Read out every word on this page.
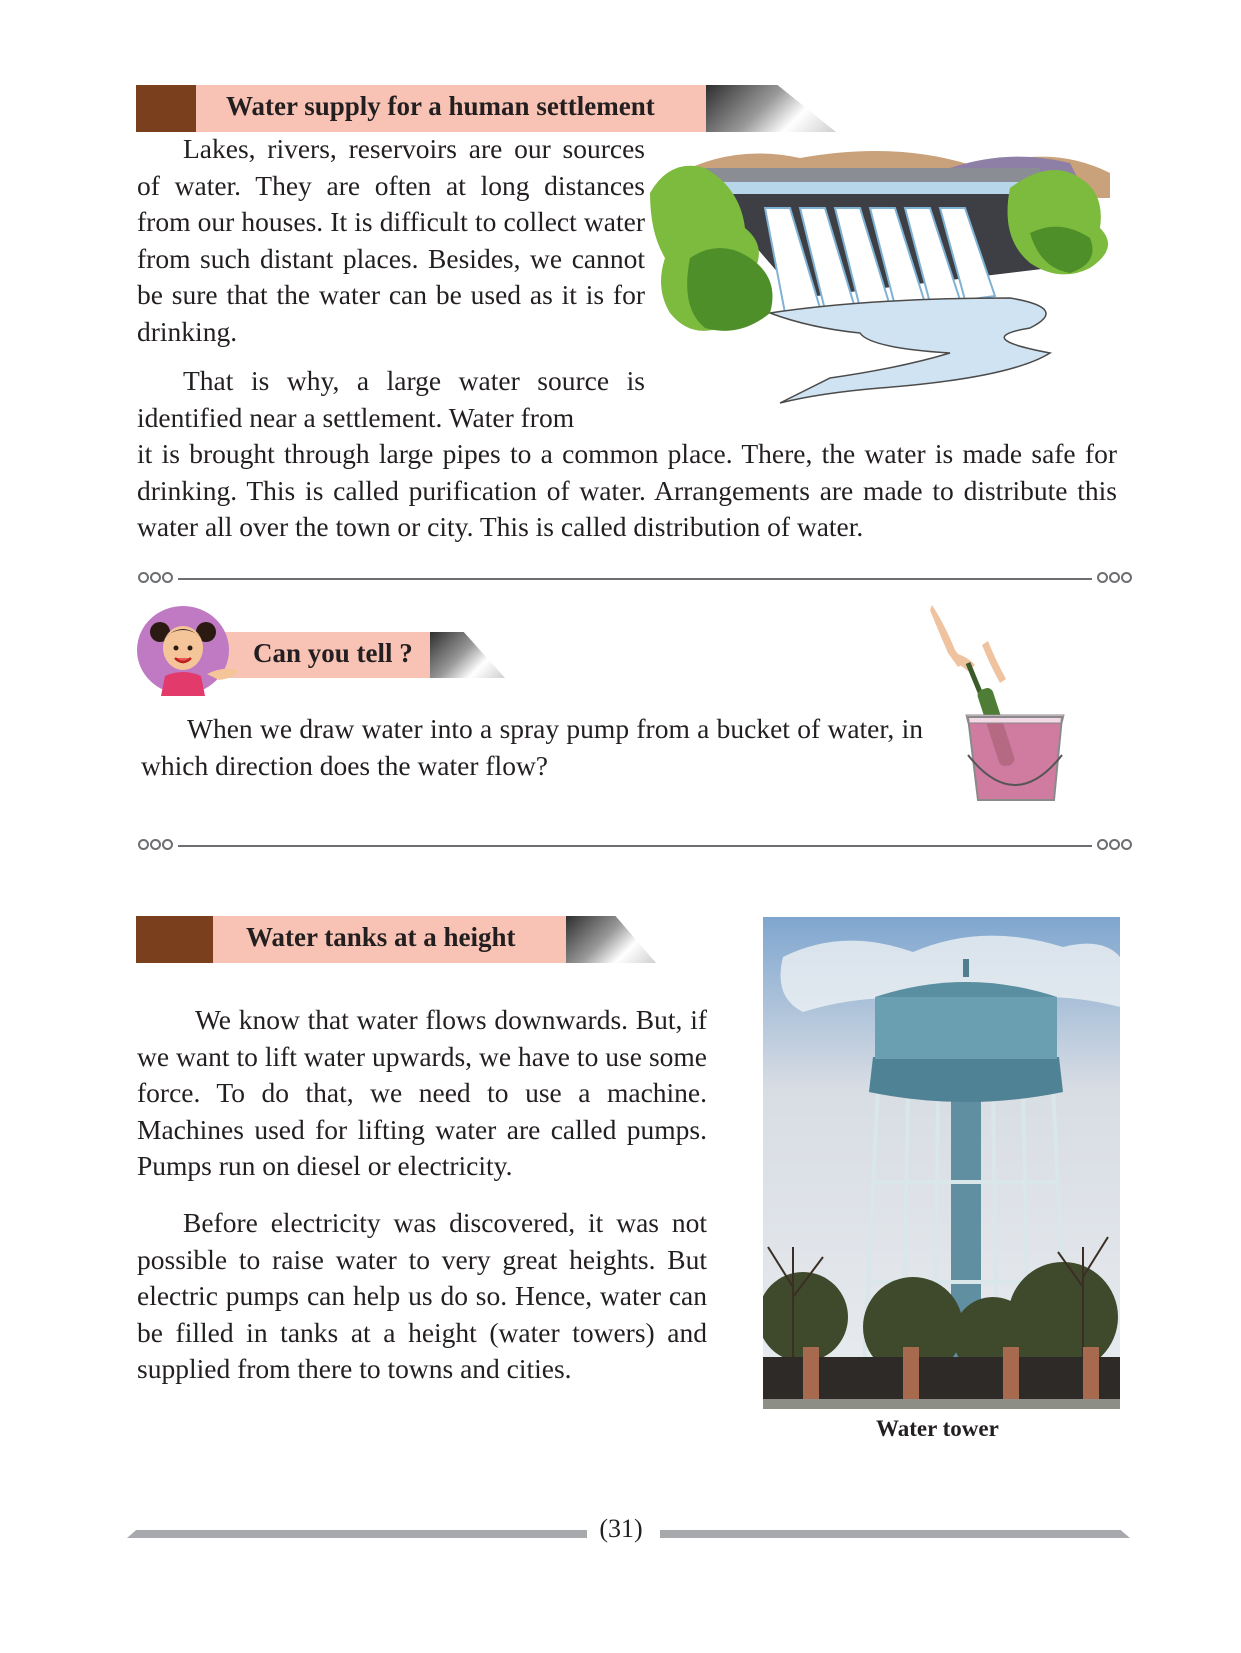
Water supply for a human settlement

Lakes, rivers, reservoirs are our sources of water. They are often at long distances from our houses. It is difficult to collect water from such distant places. Besides, we cannot be sure that the water can be used as it is for drinking.

That is why, a large water source is identified near a settlement. Water from

it is brought through large pipes to a common place. There, the water is made safe for drinking. This is called purification of water. Arrangements are made to distribute this water all over the town or city. This is called distribution of water.

Can you tell ?

When we draw water into a spray pump from a bucket of water, in which direction does the water flow?

Water tanks at a height

We know that water flows downwards. But, if we want to lift water upwards, we have to use some force. To do that, we need to use a machine. Machines used for lifting water are called pumps. Pumps run on diesel or electricity.

Before electricity was discovered, it was not possible to raise water to very great heights. But electric pumps can help us do so. Hence, water can be filled in tanks at a height (water towers) and supplied from there to towns and cities.

Water tower
(31)
